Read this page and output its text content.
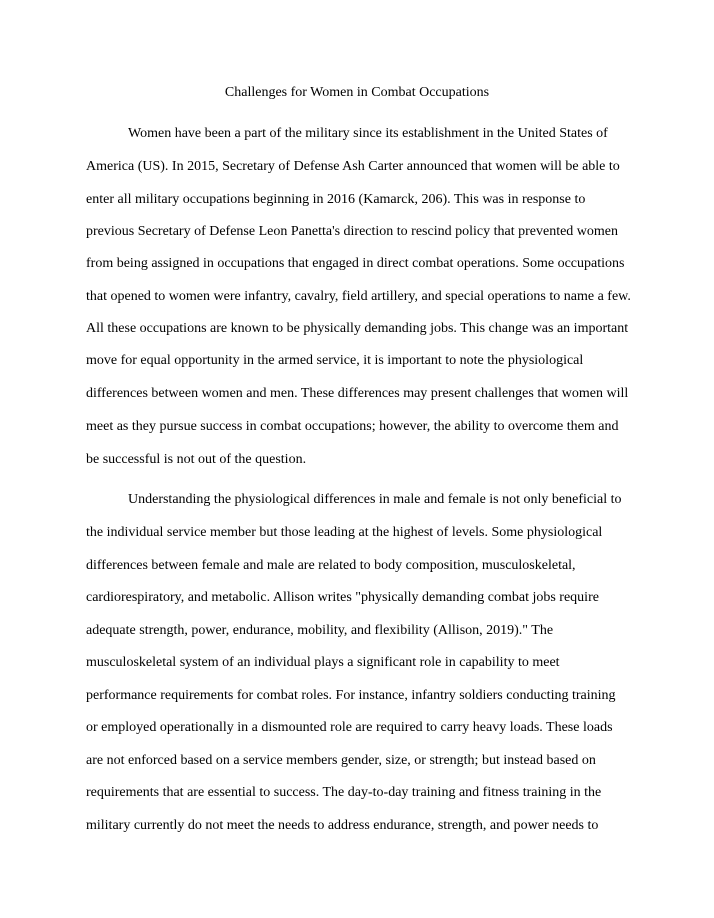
Challenges for Women in Combat Occupations
Women have been a part of the military since its establishment in the United States of
America (US). In 2015, Secretary of Defense Ash Carter announced that women will be able to
enter all military occupations beginning in 2016 (Kamarck, 206). This was in response to
previous Secretary of Defense Leon Panetta's direction to rescind policy that prevented women
from being assigned in occupations that engaged in direct combat operations. Some occupations
that opened to women were infantry, cavalry, field artillery, and special operations to name a few.
All these occupations are known to be physically demanding jobs. This change was an important
move for equal opportunity in the armed service, it is important to note the physiological
differences between women and men. These differences may present challenges that women will
meet as they pursue success in combat occupations; however, the ability to overcome them and
be successful is not out of the question.
Understanding the physiological differences in male and female is not only beneficial to
the individual service member but those leading at the highest of levels. Some physiological
differences between female and male are related to body composition, musculoskeletal,
cardiorespiratory, and metabolic. Allison writes "physically demanding combat jobs require
adequate strength, power, endurance, mobility, and flexibility (Allison, 2019)." The
musculoskeletal system of an individual plays a significant role in capability to meet
performance requirements for combat roles. For instance, infantry soldiers conducting training
or employed operationally in a dismounted role are required to carry heavy loads. These loads
are not enforced based on a service members gender, size, or strength; but instead based on
requirements that are essential to success. The day-to-day training and fitness training in the
military currently do not meet the needs to address endurance, strength, and power needs to
